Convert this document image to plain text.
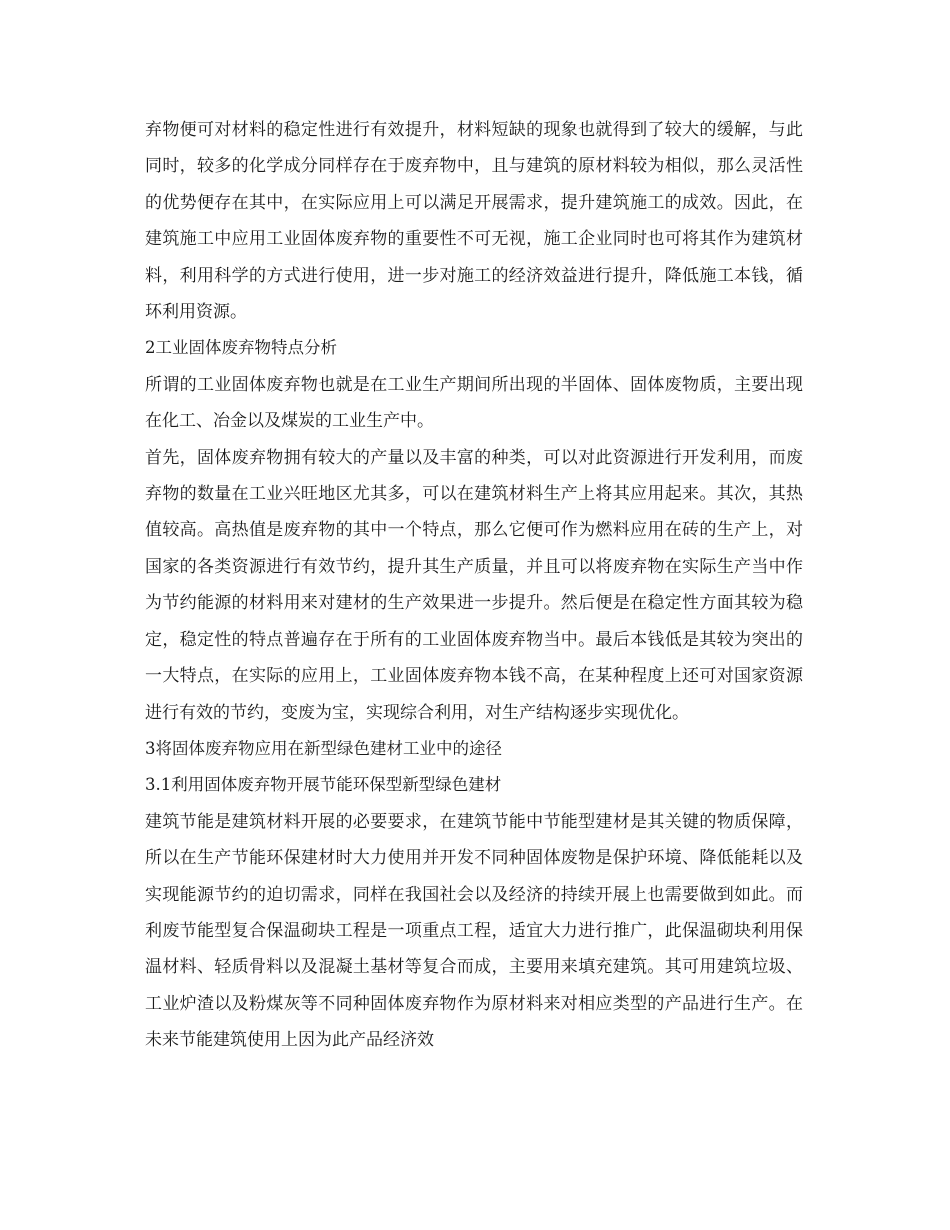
弃物便可对材料的稳定性进行有效提升，材料短缺的现象也就得到了较大的缓解，与此同时，较多的化学成分同样存在于废弃物中，且与建筑的原材料较为相似，那么灵活性的优势便存在其中，在实际应用上可以满足开展需求，提升建筑施工的成效。因此，在建筑施工中应用工业固体废弃物的重要性不可无视，施工企业同时也可将其作为建筑材料，利用科学的方式进行使用，进一步对施工的经济效益进行提升，降低施工本钱，循环利用资源。

2工业固体废弃物特点分析

所谓的工业固体废弃物也就是在工业生产期间所出现的半固体、固体废物质，主要出现在化工、冶金以及煤炭的工业生产中。

首先，固体废弃物拥有较大的产量以及丰富的种类，可以对此资源进行开发利用，而废弃物的数量在工业兴旺地区尤其多，可以在建筑材料生产上将其应用起来。其次，其热值较高。高热值是废弃物的其中一个特点，那么它便可作为燃料应用在砖的生产上，对国家的各类资源进行有效节约，提升其生产质量，并且可以将废弃物在实际生产当中作为节约能源的材料用来对建材的生产效果进一步提升。然后便是在稳定性方面其较为稳定，稳定性的特点普遍存在于所有的工业固体废弃物当中。最后本钱低是其较为突出的一大特点，在实际的应用上，工业固体废弃物本钱不高，在某种程度上还可对国家资源进行有效的节约，变废为宝，实现综合利用，对生产结构逐步实现优化。

3将固体废弃物应用在新型绿色建材工业中的途径

3.1利用固体废弃物开展节能环保型新型绿色建材

建筑节能是建筑材料开展的必要要求，在建筑节能中节能型建材是其关键的物质保障，所以在生产节能环保建材时大力使用并开发不同种固体废物是保护环境、降低能耗以及实现能源节约的迫切需求，同样在我国社会以及经济的持续开展上也需要做到如此。而利废节能型复合保温砌块工程是一项重点工程，适宜大力进行推广，此保温砌块利用保温材料、轻质骨料以及混凝土基材等复合而成，主要用来填充建筑。其可用建筑垃圾、工业炉渣以及粉煤灰等不同种固体废弃物作为原材料来对相应类型的产品进行生产。在未来节能建筑使用上因为此产品经济效
